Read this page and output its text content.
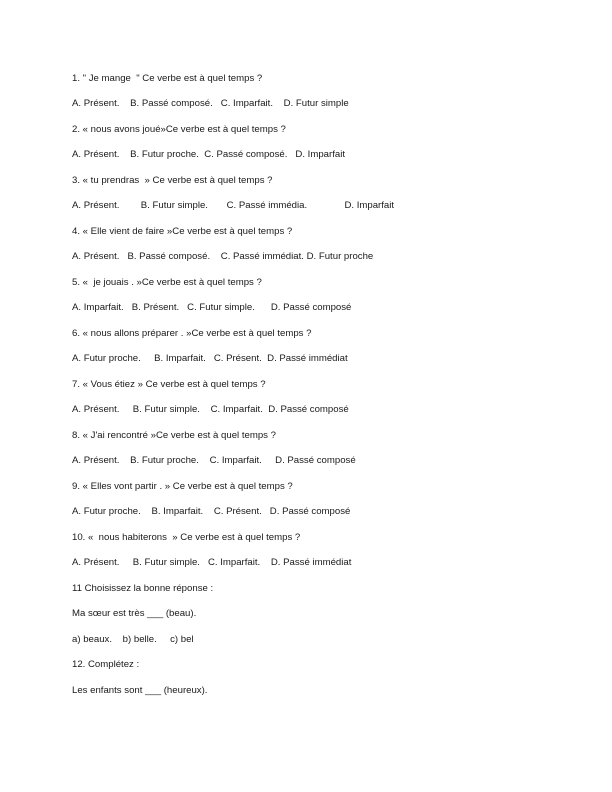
1. " Je mange  " Ce verbe est à quel temps ?
A. Présent.    B. Passé composé.   C. Imparfait.    D. Futur simple
2. « nous avons joué»Ce verbe est à quel temps ?
A. Présent.    B. Futur proche.  C. Passé composé.   D. Imparfait
3. « tu prendras  » Ce verbe est à quel temps ?
A. Présent.        B. Futur simple.       C. Passé immédia.              D. Imparfait
4. « Elle vient de faire »Ce verbe est à quel temps ?
A. Présent.   B. Passé composé.    C. Passé immédiat. D. Futur proche
5. «  je jouais . »Ce verbe est à quel temps ?
A. Imparfait.   B. Présent.   C. Futur simple.      D. Passé composé
6. « nous allons préparer . »Ce verbe est à quel temps ?
A. Futur proche.     B. Imparfait.   C. Présent.  D. Passé immédiat
7. « Vous étiez » Ce verbe est à quel temps ?
A. Présent.     B. Futur simple.    C. Imparfait.  D. Passé composé
8. « J'ai rencontré »Ce verbe est à quel temps ?
A. Présent.    B. Futur proche.    C. Imparfait.     D. Passé composé
9. « Elles vont partir . » Ce verbe est à quel temps ?
A. Futur proche.    B. Imparfait.    C. Présent.   D. Passé composé
10. «  nous habiterons  » Ce verbe est à quel temps ?
A. Présent.     B. Futur simple.   C. Imparfait.    D. Passé immédiat
11 Choisissez la bonne réponse :
Ma sœur est très ___ (beau).
a) beaux.    b) belle.     c) bel
12. Complétez :
Les enfants sont ___ (heureux).
